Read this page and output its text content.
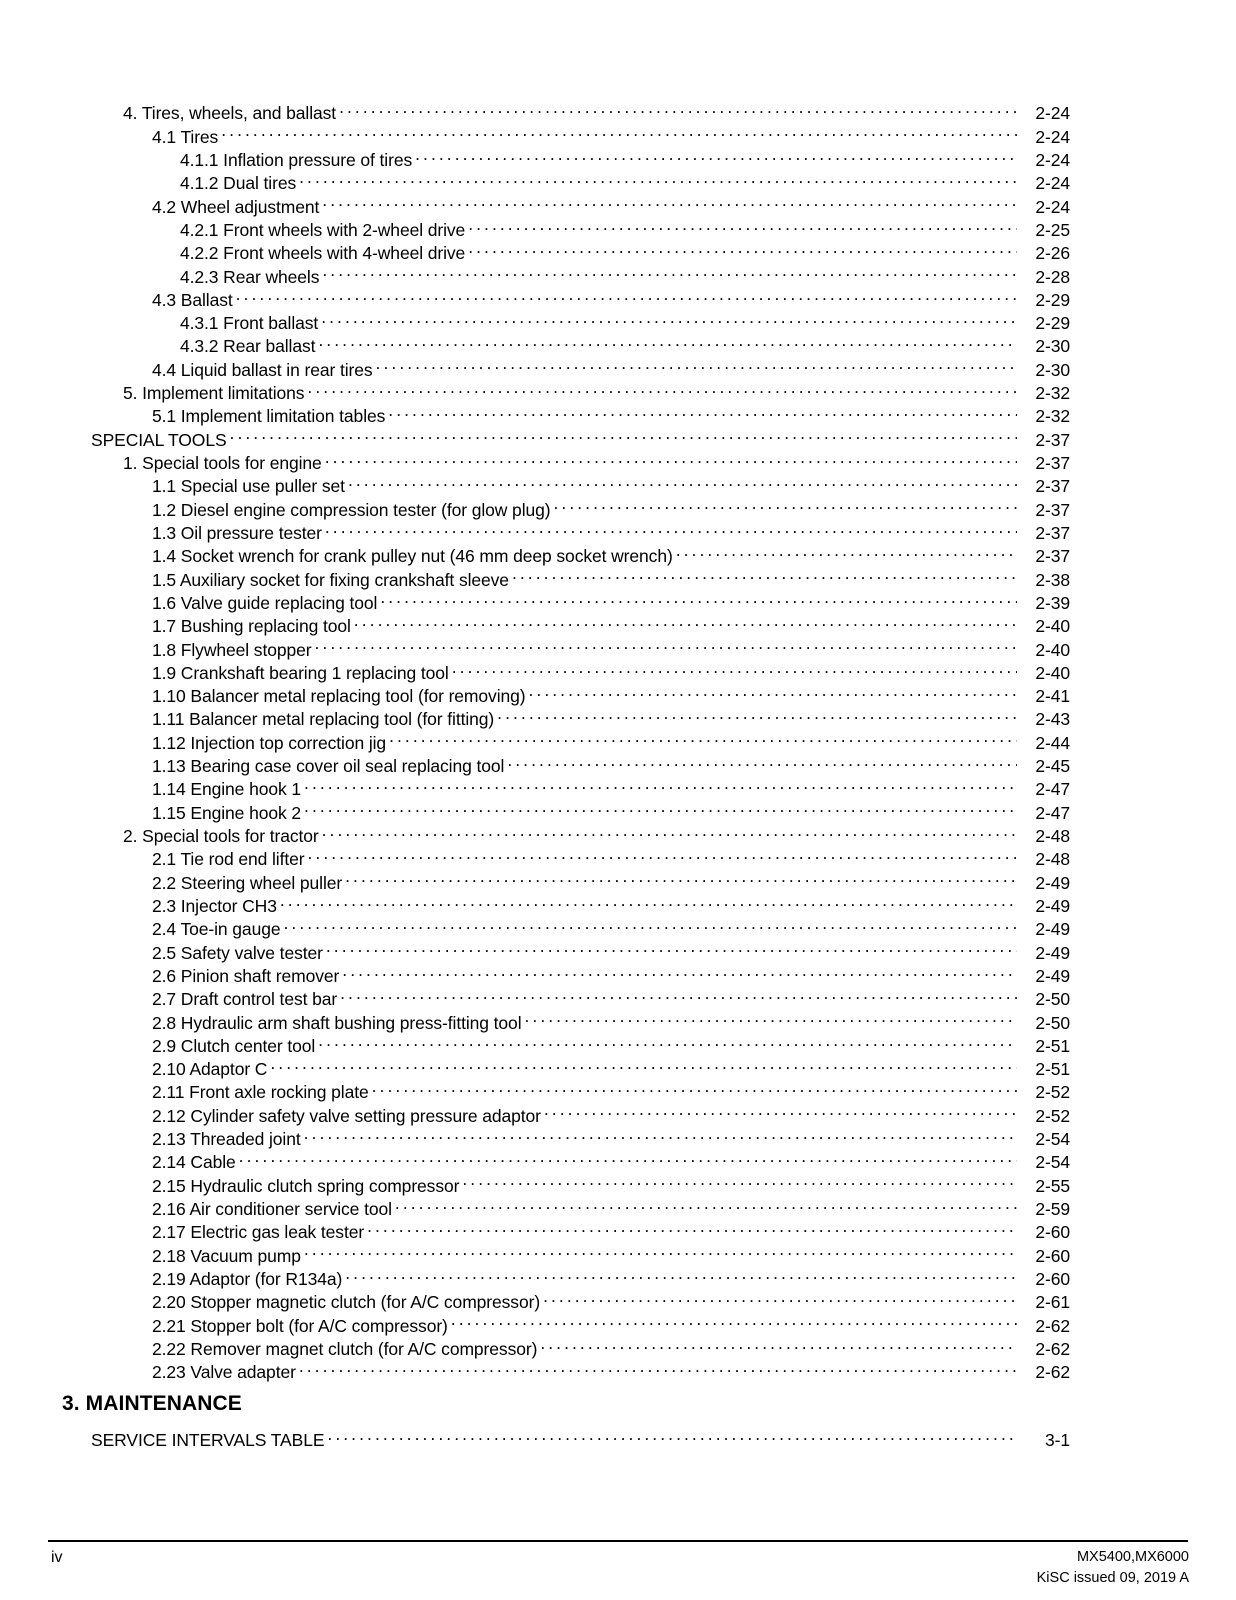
4. Tires, wheels, and ballast . . .	2-24
4.1 Tires . . .	2-24
4.1.1 Inflation pressure of tires . . .	2-24
4.1.2 Dual tires . . .	2-24
4.2 Wheel adjustment . . .	2-24
4.2.1 Front wheels with 2-wheel drive . . .	2-25
4.2.2 Front wheels with 4-wheel drive . . .	2-26
4.2.3 Rear wheels . . .	2-28
4.3 Ballast . . .	2-29
4.3.1 Front ballast . . .	2-29
4.3.2 Rear ballast . . .	2-30
4.4 Liquid ballast in rear tires . . .	2-30
5. Implement limitations . . .	2-32
5.1 Implement limitation tables . . .	2-32
SPECIAL TOOLS . . .	2-37
1. Special tools for engine . . .	2-37
1.1 Special use puller set . . .	2-37
1.2 Diesel engine compression tester (for glow plug) . . .	2-37
1.3 Oil pressure tester . . .	2-37
1.4 Socket wrench for crank pulley nut (46 mm deep socket wrench) . . .	2-37
1.5 Auxiliary socket for fixing crankshaft sleeve . . .	2-38
1.6 Valve guide replacing tool . . .	2-39
1.7 Bushing replacing tool . . .	2-40
1.8 Flywheel stopper . . .	2-40
1.9 Crankshaft bearing 1 replacing tool . . .	2-40
1.10 Balancer metal replacing tool (for removing) . . .	2-41
1.11 Balancer metal replacing tool (for fitting) . . .	2-43
1.12 Injection top correction jig . . .	2-44
1.13 Bearing case cover oil seal replacing tool . . .	2-45
1.14 Engine hook 1 . . .	2-47
1.15 Engine hook 2 . . .	2-47
2. Special tools for tractor . . .	2-48
2.1 Tie rod end lifter . . .	2-48
2.2 Steering wheel puller . . .	2-49
2.3 Injector CH3 . . .	2-49
2.4 Toe-in gauge . . .	2-49
2.5 Safety valve tester . . .	2-49
2.6 Pinion shaft remover . . .	2-49
2.7 Draft control test bar . . .	2-50
2.8 Hydraulic arm shaft bushing press-fitting tool . . .	2-50
2.9 Clutch center tool . . .	2-51
2.10 Adaptor C . . .	2-51
2.11 Front axle rocking plate . . .	2-52
2.12 Cylinder safety valve setting pressure adaptor . . .	2-52
2.13 Threaded joint . . .	2-54
2.14 Cable . . .	2-54
2.15 Hydraulic clutch spring compressor . . .	2-55
2.16 Air conditioner service tool . . .	2-59
2.17 Electric gas leak tester . . .	2-60
2.18 Vacuum pump . . .	2-60
2.19 Adaptor (for R134a) . . .	2-60
2.20 Stopper magnetic clutch (for A/C compressor) . . .	2-61
2.21 Stopper bolt (for A/C compressor) . . .	2-62
2.22 Remover magnet clutch (for A/C compressor) . . .	2-62
2.23 Valve adapter . . .	2-62
3. MAINTENANCE
SERVICE INTERVALS TABLE . . .	3-1
iv	MX5400,MX6000
KiSC issued 09, 2019 A
